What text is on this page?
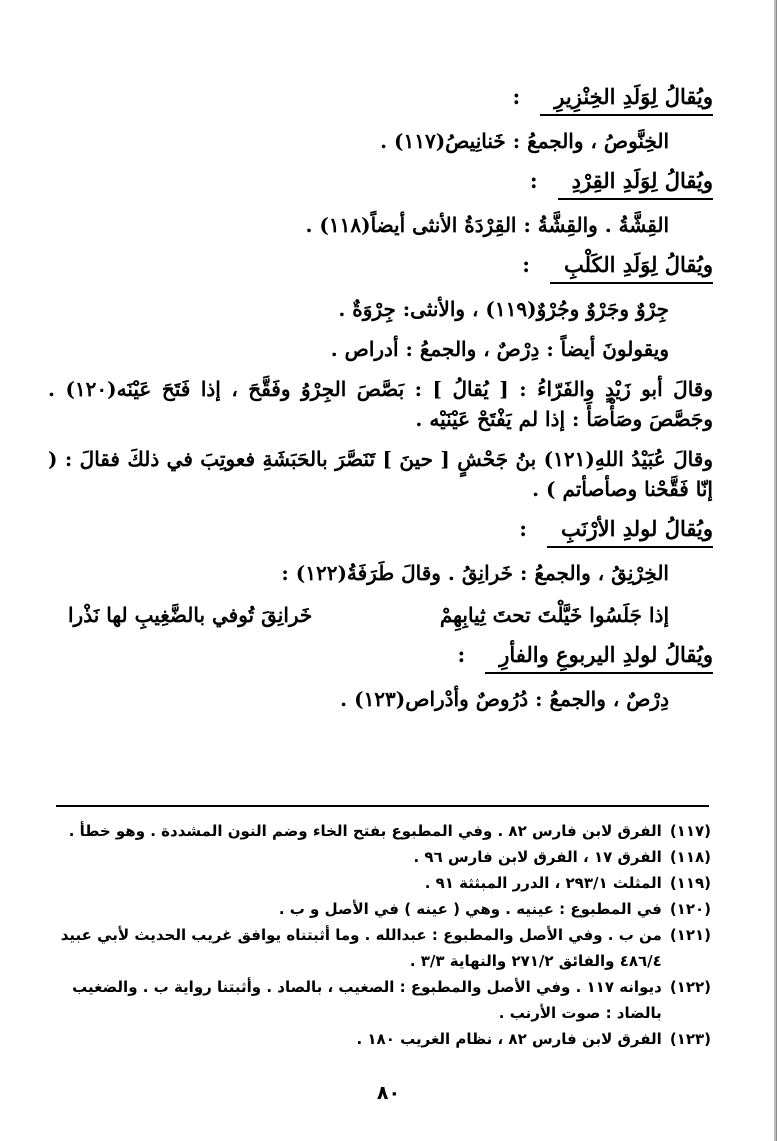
ويُقالُ لِوَلَدِ الخِنْزِيرِ
:
الخِنَّوصُ ، والجمعُ : خَنانِيصُ(١١٧) .
ويُقالُ لِوَلَدِ القِرْدِ
:
القِشَّةُ . والقِشَّةُ : القِرْدَةُ الأنثى أيضاً(١١٨) .
ويُقالُ لِوَلَدِ الكَلْبِ
:
جِرْوٌ وجَرْوٌ وجُرْوٌ(١١٩) ، والأنثى: جِرْوَةٌ .
ويقولونَ أيضاً : دِرْصٌ ، والجمعُ : أدراص .
وقالَ أبو زَيْدٍ والفَرّاءُ : [ يُقالُ ] : بَصَّصَ الجِرْوُ وفَقَّحَ ، إذا فَتَحَ عَيْنَه(١٢٠) . وجَصَّصَ وصَأْصَأَ : إذا لم يَفْتَحْ عَيْنَيْه .
وقالَ عُبَيْدُ اللهِ(١٢١) بنُ جَحْشٍ [ حينَ ] تَنَصَّرَ بالحَبَشَةِ فعوتِبَ في ذلكَ فقالَ : ( إنّا فَقَّحْنا وصأصأتم ) .
ويُقالُ لولدِ الأرْنَبِ
:
الخِرْنِقُ ، والجمعُ : خَرانِقُ . وقالَ طَرَفَةُ(١٢٢) :
إذا جَلَسُوا خَيَّلْتَ تحتَ ثِيابِهِمْ
خَرانِقَ تُوفي بالضَّغِيبِ لها نَذْرا
ويُقالُ لولدِ اليربوعِ والفأرِ
:
دِرْصٌ ، والجمعُ : دُرُوصٌ وأدْراص(١٢٣) .
(١١٧)
الفرق لابن فارس ٨٢ . وفي المطبوع بفتح الخاء وضم النون المشددة . وهو خطأ .
(١١٨)
الفرق ١٧ ، الفرق لابن فارس ٩٦ .
(١١٩)
المثلث ٢٩٣/١ ، الدرر المبثثة ٩١ .
(١٢٠)
في المطبوع : عينيه . وهي ( عينه ) في الأصل و ب .
(١٢١)
من ب . وفي الأصل والمطبوع : عبدالله . وما أثبتناه يوافق غريب الحديث لأبي عبيد ٤٨٦/٤ والفائق ٢٧١/٢ والنهاية ٣/٣ .
(١٢٢)
ديوانه ١١٧ . وفي الأصل والمطبوع : الصغيب ، بالصاد . وأثبتنا رواية ب . والضغيب بالضاد : صوت الأرنب .
(١٢٣)
الفرق لابن فارس ٨٢ ، نظام الغريب ١٨٠ .
٨٠
